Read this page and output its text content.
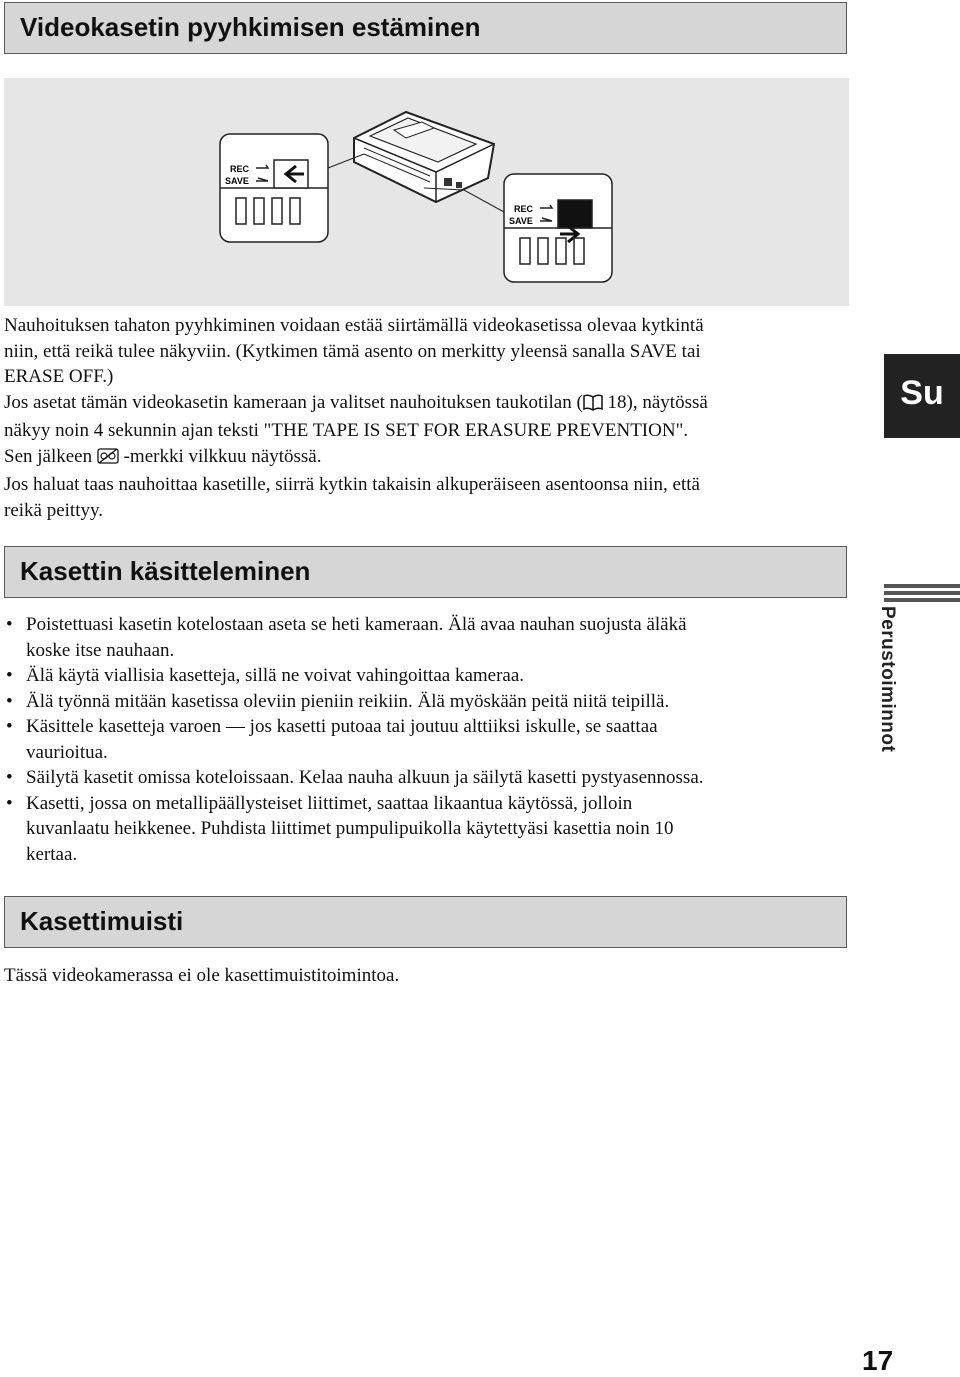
Videokasetin pyyhkimisen estäminen
REC
SAVE
REC
SAVE

Nauhoituksen tahaton pyyhkiminen voidaan estää siirtämällä videokasetissa olevaa kytkintä

niin, että reikä tulee näkyviin. (Kytkimen tämä asento on merkitty yleensä sanalla SAVE tai

ERASE OFF.)

Jos asetat tämän videokasetin kameraan ja valitset nauhoituksen taukotilan ( 18), näytössä

näkyy noin 4 sekunnin ajan teksti "THE TAPE IS SET FOR ERASURE PREVENTION".

Sen jälkeen  -merkki vilkkuu näytössä.

Jos haluat taas nauhoittaa kasetille, siirrä kytkin takaisin alkuperäiseen asentoonsa niin, että

reikä peittyy.

Kasettin käsitteleminen
• Poistettuasi kasetin kotelostaan aseta se heti kameraan. Älä avaa nauhan suojusta äläkä
koske itse nauhaan.
• Älä käytä viallisia kasetteja, sillä ne voivat vahingoittaa kameraa.
• Älä työnnä mitään kasetissa oleviin pieniin reikiin. Älä myöskään peitä niitä teipillä.
• Käsittele kasetteja varoen — jos kasetti putoaa tai joutuu alttiiksi iskulle, se saattaa
vaurioitua.
• Säilytä kasetit omissa koteloissaan. Kelaa nauha alkuun ja säilytä kasetti pystyasennossa.
• Kasetti, jossa on metallipäällysteiset liittimet, saattaa likaantua käytössä, jolloin
kuvanlaatu heikkenee. Puhdista liittimet pumpulipuikolla käytettyäsi kasettia noin 10
kertaa.
Kasettimuisti

Tässä videokamerassa ei ole kasettimuistitoimintoa.

Su
Perustoiminnot
17
